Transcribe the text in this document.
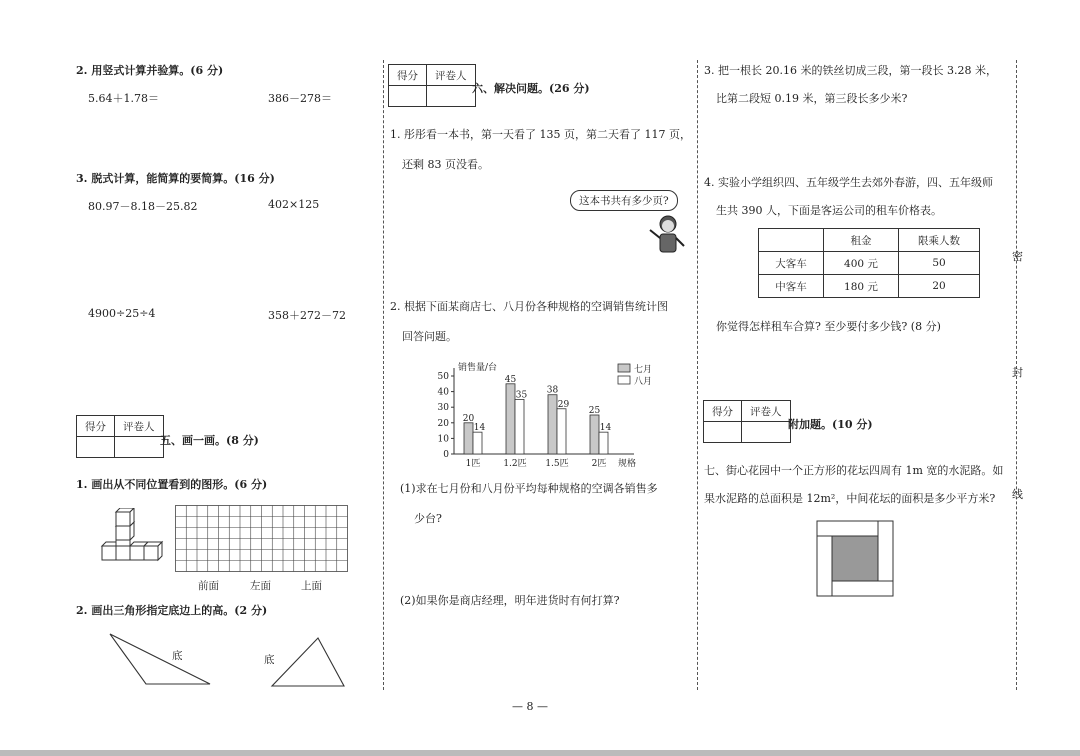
2. 用竖式计算并验算。(6 分)
5.64＋1.78＝	386－278＝
3. 脱式计算，能简算的要简算。(16 分)
80.97－8.18－25.82	402×125
4900÷25÷4	358＋272－72
得分	评卷人

五、画一画。(8 分)
1. 画出从不同位置看到的图形。(6 分)
前面	左面	上面
2. 画出三角形指定底边上的高。(2 分)
底	底
得分	评卷人

六、解决问题。(26 分)
1. 彤彤看一本书，第一天看了 135 页，第二天看了 117 页，
还剩 83 页没看。
这本书共有多少页?
2. 根据下面某商店七、八月份各种规格的空调销售统计图
回答问题。
销售量/台
规格
0
10
20
30
40
50
20
14
1匹
45
35
1.2匹
38
29
1.5匹
25
14
2匹
七月
八月
(1)求在七月份和八月份平均每种规格的空调各销售多
少台?
(2)如果你是商店经理，明年进货时有何打算?
3. 把一根长 20.16 米的铁丝切成三段，第一段长 3.28 米，
比第二段短 0.19 米，第三段长多少米?
4. 实验小学组织四、五年级学生去郊外春游，四、五年级师
生共 390 人，下面是客运公司的租车价格表。
	租金	限乘人数
大客车	400 元	50
中客车	180 元	20
你觉得怎样租车合算? 至少要付多少钱? (8 分)
得分	评卷人

附加题。(10 分)
七、街心花园中一个正方形的花坛四周有 1m 宽的水泥路。如
果水泥路的总面积是 12m²，中间花坛的面积是多少平方米?
密
封
线
— 8 —
